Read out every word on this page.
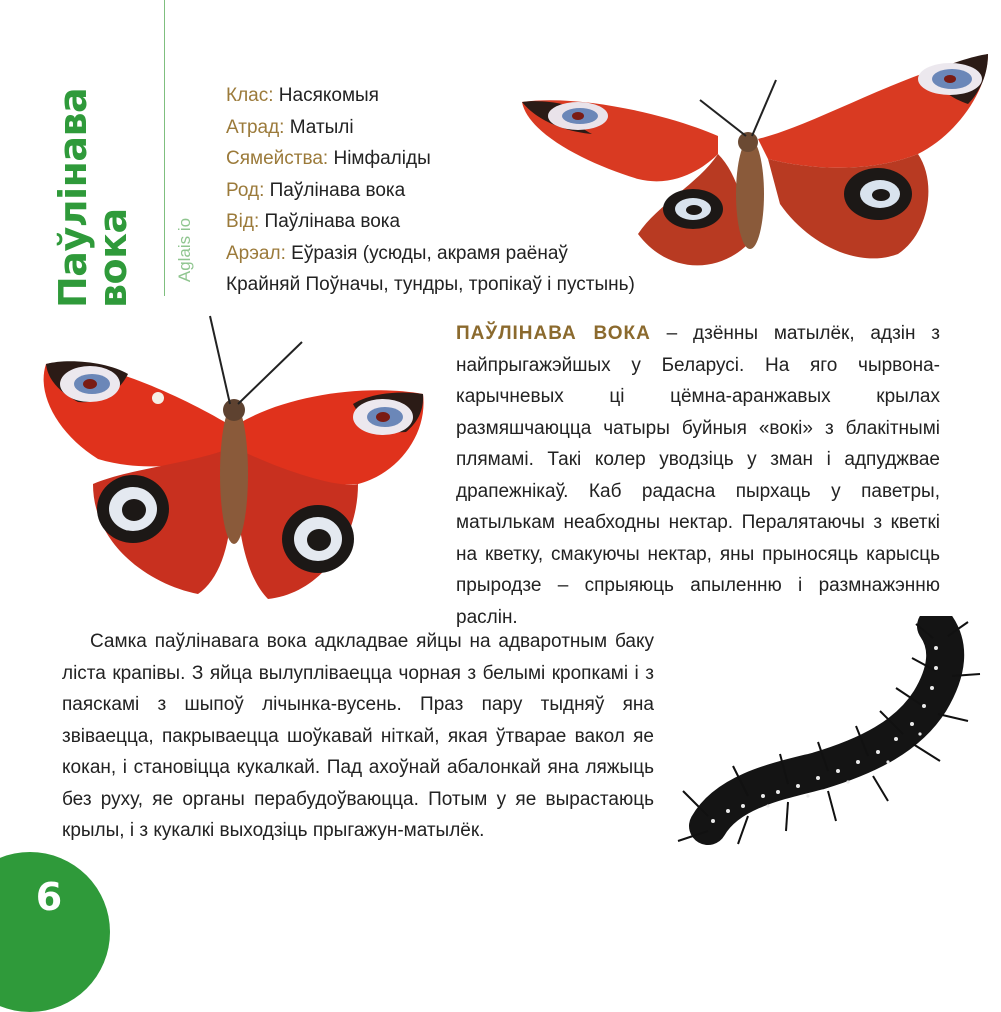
Паўлінава
вока	Aglais io
Клас: Насякомыя
Атрад: Матылі
Сямейства: Німфаліды
Род: Паўлінава вока
Від: Паўлінава вока
Арэал: Еўразія (усюды, акрамя раёнаў
Крайняй Поўначы, тундры, тропікаў і пустынь)
ПАЎЛІНАВА ВОКА – дзённы матылёк, адзін з найпрыгажэйшых у Беларусі. На яго чырвона-карычневых ці цёмна-аранжавых крылах размяшчаюцца чатыры буйныя «вокі» з блакітнымі плямамі. Такі колер уводзіць у зман і адпуджвае драпежнікаў. Каб радасна пырхаць у паветры, матылькам неабходны нектар. Пералятаючы з кветкі на кветку, смакуючы нектар, яны прыносяць карысць прыродзе – спрыяюць апыленню і размнажэнню раслін.
Самка паўлінавага вока адкладвае яйцы на адваротным баку ліста крапівы. З яйца вылупліваецца чорная з белымі кропкамі і з паяскамі з шыпоў лічынка-вусень. Праз пару тыдняў яна звіваецца, пакрываецца шоўкавай ніткай, якая ўтварае вакол яе кокан, і становіцца кукалкай. Пад ахоўнай абалонкай яна ляжыць без руху, яе органы перабудоўваюцца. Потым у яе вырастаюць крылы, і з кукалкі выходзіць прыгажун-матылёк.
6
